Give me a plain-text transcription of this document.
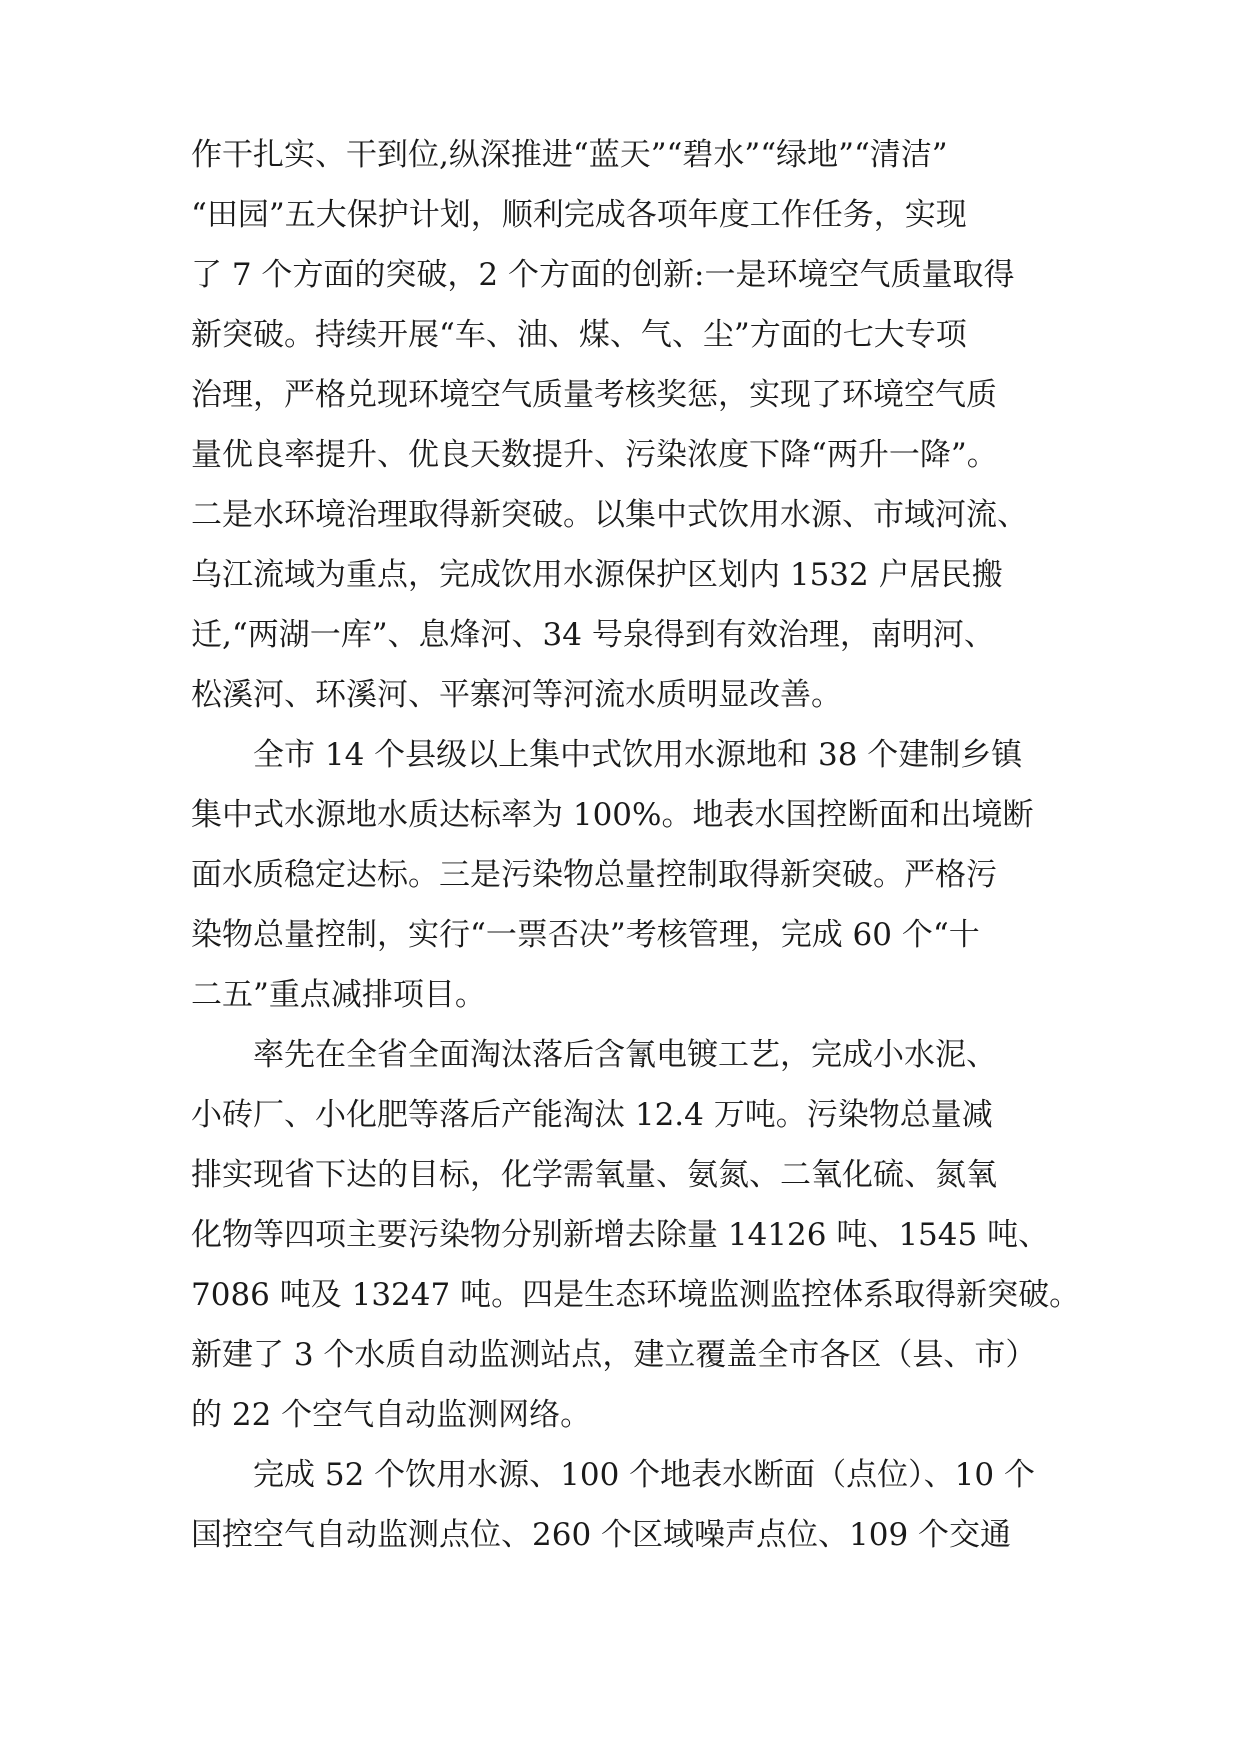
作干扎实、干到位,纵深推进“蓝天”“碧水”“绿地”“清洁”
“田园”五大保护计划，顺利完成各项年度工作任务，实现
了 7 个方面的突破，2 个方面的创新:一是环境空气质量取得
新突破。持续开展“车、油、煤、气、尘”方面的七大专项
治理，严格兑现环境空气质量考核奖惩，实现了环境空气质
量优良率提升、优良天数提升、污染浓度下降“两升一降”。
二是水环境治理取得新突破。以集中式饮用水源、市域河流、
乌江流域为重点，完成饮用水源保护区划内 1532 户居民搬
迁,“两湖一库”、息烽河、34 号泉得到有效治理，南明河、
松溪河、环溪河、平寨河等河流水质明显改善。
全市 14 个县级以上集中式饮用水源地和 38 个建制乡镇
集中式水源地水质达标率为 100%。地表水国控断面和出境断
面水质稳定达标。三是污染物总量控制取得新突破。严格污
染物总量控制，实行“一票否决”考核管理，完成 60 个“十
二五”重点减排项目。
率先在全省全面淘汰落后含氰电镀工艺，完成小水泥、
小砖厂、小化肥等落后产能淘汰 12.4 万吨。污染物总量减
排实现省下达的目标，化学需氧量、氨氮、二氧化硫、氮氧
化物等四项主要污染物分别新增去除量 14126 吨、1545 吨、
7086 吨及 13247 吨。四是生态环境监测监控体系取得新突破。
新建了 3 个水质自动监测站点，建立覆盖全市各区（县、市）
的 22 个空气自动监测网络。
完成 52 个饮用水源、100 个地表水断面（点位）、10 个
国控空气自动监测点位、260 个区域噪声点位、109 个交通
